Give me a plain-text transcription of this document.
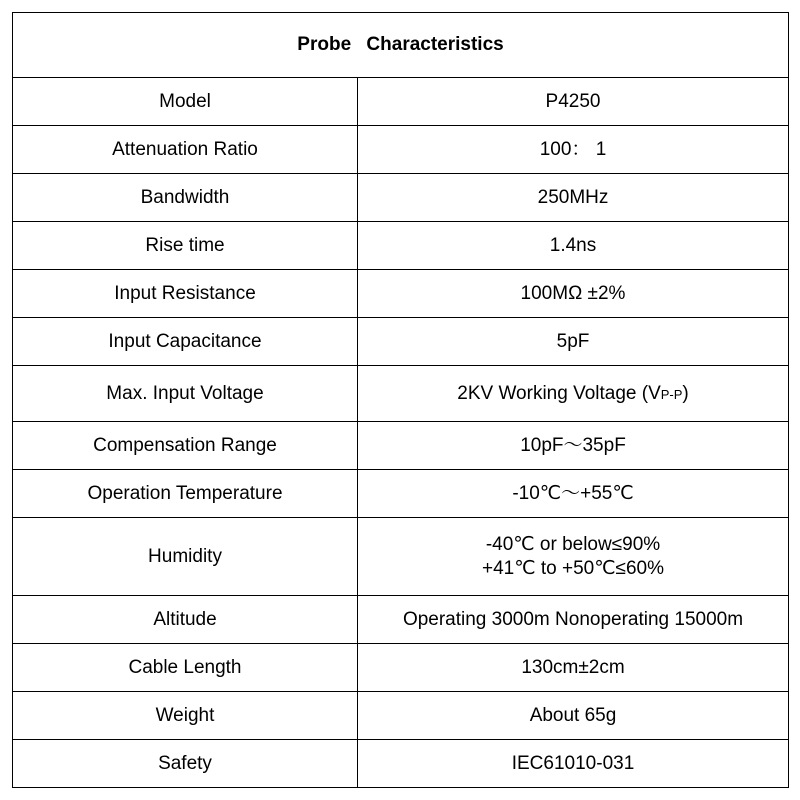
Probe Characteristics	
Model	P4250
Attenuation Ratio	100： 1
Bandwidth	250MHz
Rise time	1.4ns
Input Resistance	100MΩ ±2%
Input Capacitance	5pF
Max. Input Voltage	2KV Working Voltage (VP-P)
Compensation Range	10pF～35pF
Operation Temperature	-10℃～+55℃
Humidity	-40℃ or below≤90%
+41℃ to +50℃≤60%

Altitude	Operating 3000m Nonoperating 15000m
Cable Length	130cm±2cm
Weight	About 65g
Safety	IEC61010-031
